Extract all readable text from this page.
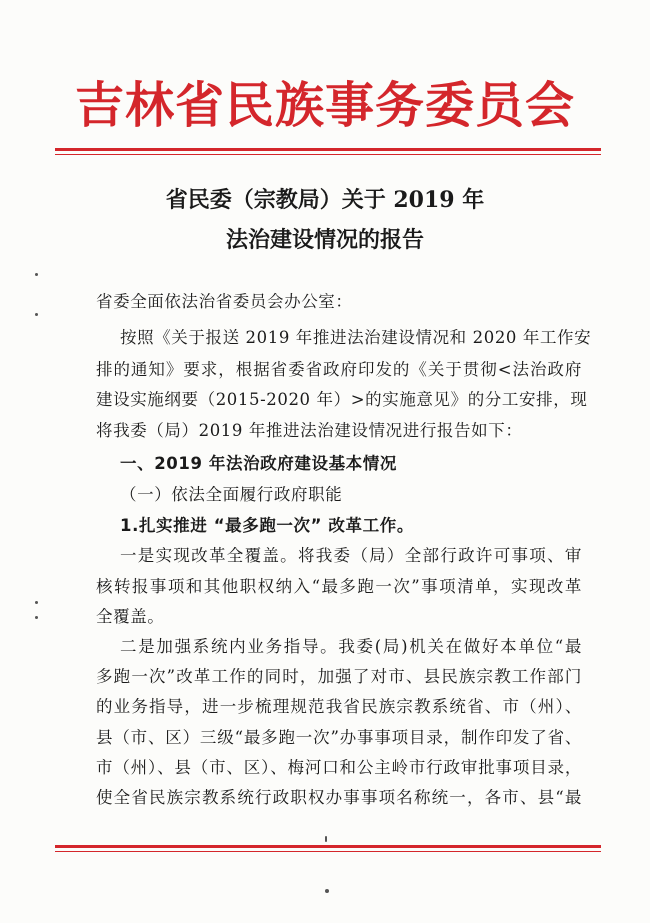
吉林省民族事务委员会
省民委（宗教局）关于 2019 年
法治建设情况的报告
省委全面依法治省委员会办公室：
按照《关于报送 2019 年推进法治建设情况和 2020 年工作安
排的通知》要求，根据省委省政府印发的《关于贯彻<法治政府
建设实施纲要（2015-2020 年）>的实施意见》的分工安排，现
将我委（局）2019 年推进法治建设情况进行报告如下：
一、2019 年法治政府建设基本情况
（一）依法全面履行政府职能
1.扎实推进 “最多跑一次” 改革工作。
一是实现改革全覆盖。将我委（局）全部行政许可事项、审
核转报事项和其他职权纳入“最多跑一次”事项清单，实现改革
全覆盖。
二是加强系统内业务指导。我委(局)机关在做好本单位“最
多跑一次”改革工作的同时，加强了对市、县民族宗教工作部门
的业务指导，进一步梳理规范我省民族宗教系统省、市（州）、
县（市、区）三级“最多跑一次”办事事项目录，制作印发了省、
市（州）、县（市、区）、梅河口和公主岭市行政审批事项目录，
使全省民族宗教系统行政职权办事事项名称统一，各市、县“最
